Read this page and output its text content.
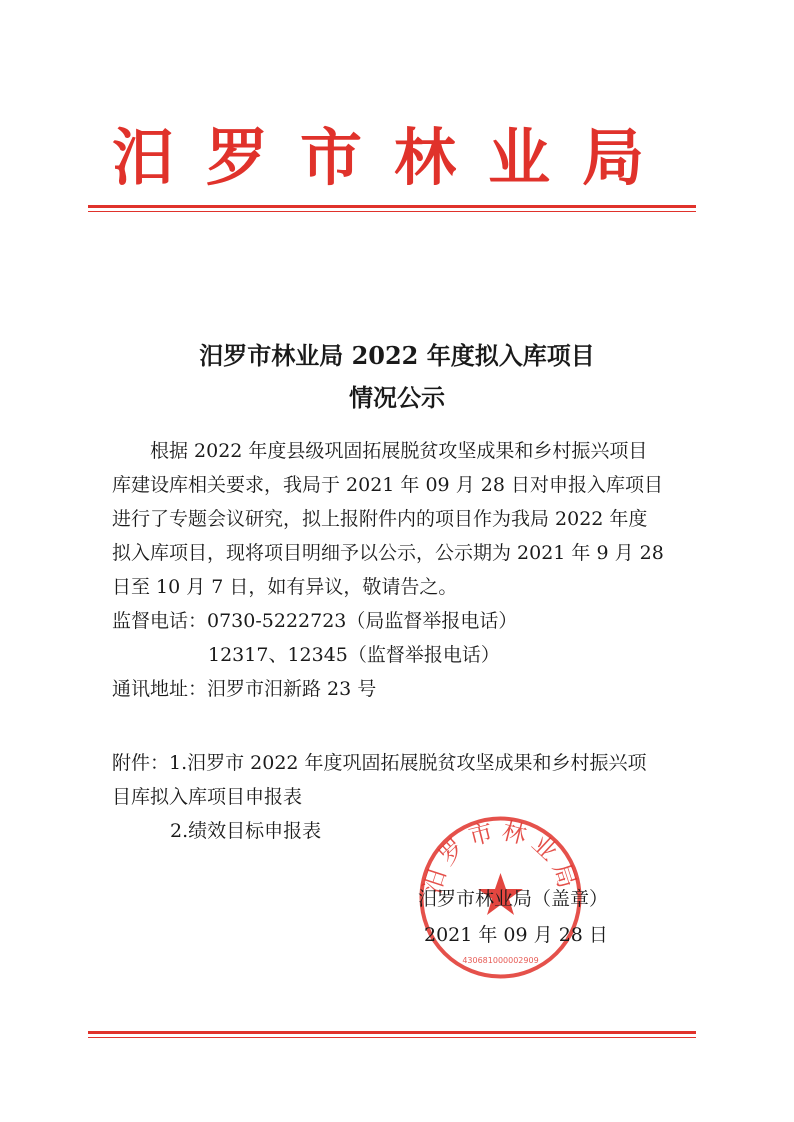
汨罗市林业局
汨罗市林业局 2022 年度拟入库项目
情况公示
根据 2022 年度县级巩固拓展脱贫攻坚成果和乡村振兴项目
库建设库相关要求，我局于 2021 年 09 月 28 日对申报入库项目
进行了专题会议研究，拟上报附件内的项目作为我局 2022 年度
拟入库项目，现将项目明细予以公示，公示期为 2021 年 9 月 28
日至 10 月 7 日，如有异议，敬请告之。
监督电话：0730-5222723（局监督举报电话）
12317、12345（监督举报电话）
通讯地址：汨罗市汨新路 23 号
附件：1.汨罗市 2022 年度巩固拓展脱贫攻坚成果和乡村振兴项
目库拟入库项目申报表
2.绩效目标申报表
汨罗市林业局
430681000002909
汨罗市林业局（盖章）
2021 年 09 月 28 日
